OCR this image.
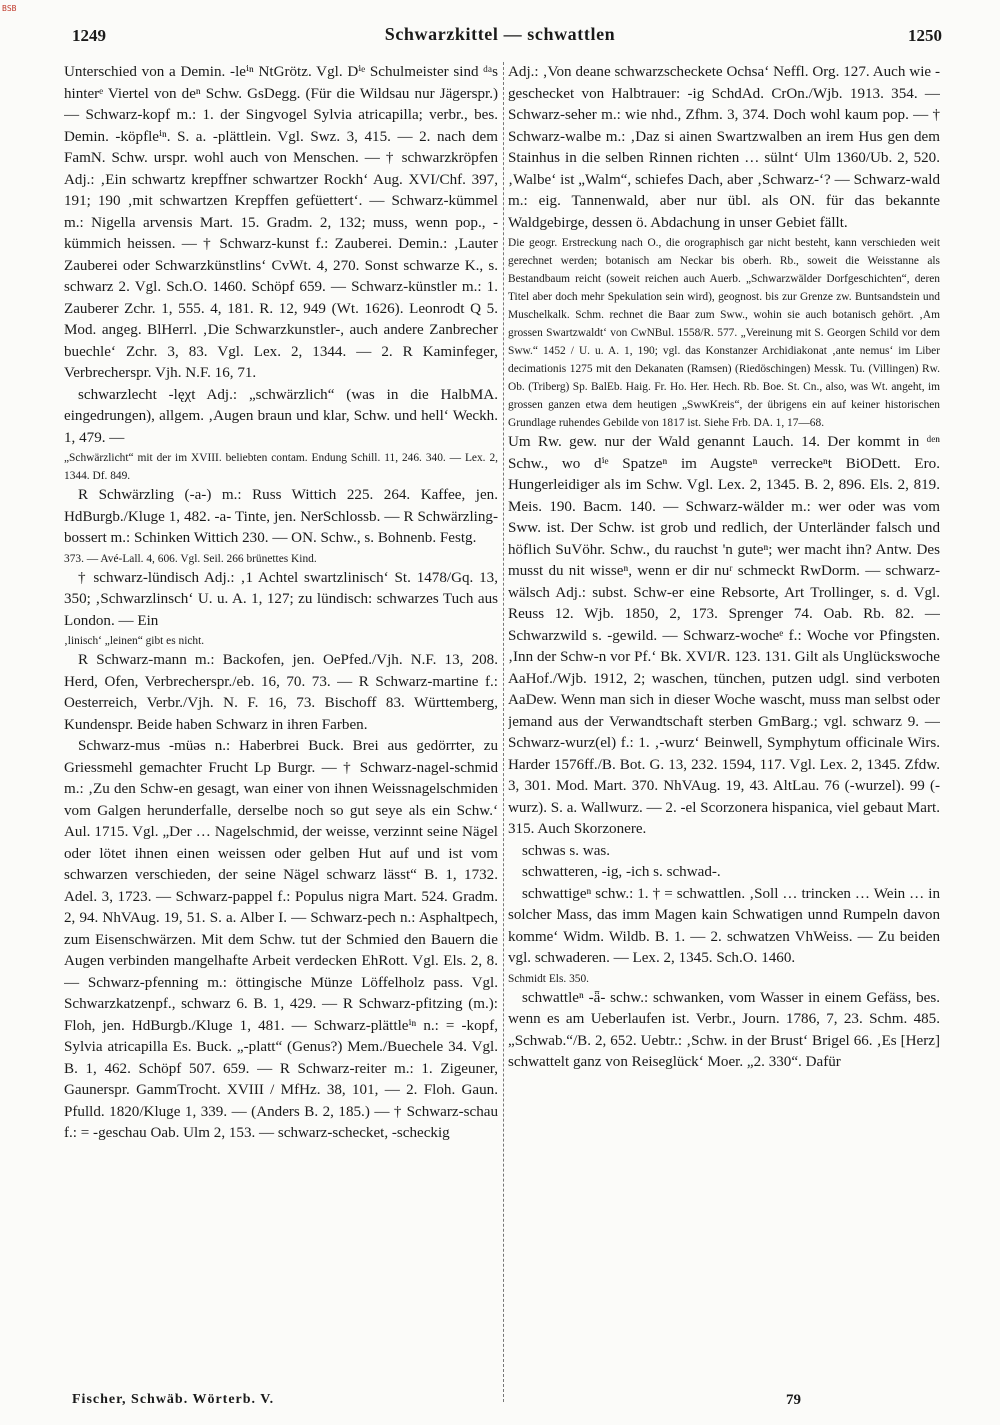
BSB
1249	Schwarzkittel — schwattlen	1250

Unterschied von a Demin. -leⁱⁿ NtGrötz. Vgl. Dⁱᵉ Schulmeister sind ᵈᵃs hinterᵉ Viertel von deⁿ Schw. GsDegg. (Für die Wildsau nur Jägerspr.) — Schwarz-kopf m.: 1. der Singvogel Sylvia atricapilla; verbr., bes. Demin. -köpfleⁱⁿ. S. a. -plättlein. Vgl. Swz. 3, 415. — 2. nach dem FamN. Schw. urspr. wohl auch von Menschen. — † schwarzkröpfen Adj.: ‚Ein schwartz krepffner schwartzer Rockh‘ Aug. XVI/Chf. 397, 191; 190 ‚mit schwartzen Krepffen gefüettert‘. — Schwarz-kümmel m.: Nigella arvensis Mart. 15. Gradm. 2, 132; muss, wenn pop., -kümmich heissen. — † Schwarz-kunst f.: Zauberei. Demin.: ‚Lauter Zauberei oder Schwarzkünstlins‘ CvWt. 4, 270. Sonst schwarze K., s. schwarz 2. Vgl. Sch.O. 1460. Schöpf 659. — Schwarz-künstler m.: 1. Zauberer Zchr. 1, 555. 4, 181. R. 12, 949 (Wt. 1626). Leonrodt Q 5. Mod. angeg. BlHerrl. ‚Die Schwarzkunstler-, auch andere Zanbrecher buechle‘ Zchr. 3, 83. Vgl. Lex. 2, 1344. — 2. R Kaminfeger, Verbrecherspr. Vjh. N.F. 16, 71.

schwarzlecht -lęχt Adj.: „schwärzlich“ (was in die HalbMA. eingedrungen), allgem. ‚Augen braun und klar, Schw. und hell‘ Weckh. 1, 479. —

„Schwärzlicht“ mit der im XVIII. beliebten contam. Endung Schill. 11, 246. 340. — Lex. 2, 1344. Df. 849.

R Schwärzling (-a-) m.: Russ Wittich 225. 264. Kaffee, jen. HdBurgb./Kluge 1, 482. -a- Tinte, jen. NerSchlossb. — R Schwärzling-bossert m.: Schinken Wittich 230. — ON. Schw., s. Bohnenb. Festg.

373. — Avé-Lall. 4, 606. Vgl. Seil. 266 brünettes Kind.

† schwarz-lündisch Adj.: ‚1 Achtel swartzlinisch‘ St. 1478/Gq. 13, 350; ‚Schwarzlinsch‘ U. u. A. 1, 127; zu lündisch: schwarzes Tuch aus London. — Ein

‚linisch‘ „leinen“ gibt es nicht.

R Schwarz-mann m.: Backofen, jen. OePfed./Vjh. N.F. 13, 208. Herd, Ofen, Verbrecherspr./eb. 16, 70. 73. — R Schwarz-martine f.: Oesterreich, Verbr./Vjh. N. F. 16, 73. Bischoff 83. Württemberg, Kundenspr. Beide haben Schwarz in ihren Farben.

Schwarz-mus -müəs n.: Haberbrei Buck. Brei aus gedörrter, zu Griessmehl gemachter Frucht Lp Burgr. — † Schwarz-nagel-schmid m.: ‚Zu den Schw-en gesagt, wan einer von ihnen Weissnagelschmiden vom Galgen herunderfalle, derselbe noch so gut seye als ein Schw.‘ Aul. 1715. Vgl. „Der … Nagelschmid, der weisse, verzinnt seine Nägel oder lötet ihnen einen weissen oder gelben Hut auf und ist vom schwarzen verschieden, der seine Nägel schwarz lässt“ B. 1, 1732. Adel. 3, 1723. — Schwarz-pappel f.: Populus nigra Mart. 524. Gradm. 2, 94. NhVAug. 19, 51. S. a. Alber I. — Schwarz-pech n.: Asphaltpech, zum Eisenschwärzen. Mit dem Schw. tut der Schmied den Bauern die Augen verbinden mangelhafte Arbeit verdecken EhRott. Vgl. Els. 2, 8. — Schwarz-pfenning m.: öttingische Münze Löffelholz pass. Vgl. Schwarzkatzenpf., schwarz 6. B. 1, 429. — R Schwarz-pfitzing (m.): Floh, jen. HdBurgb./Kluge 1, 481. — Schwarz-plättleⁱⁿ n.: = -kopf, Sylvia atricapilla Es. Buck. „-platt“ (Genus?) Mem./Buechele 34. Vgl. B. 1, 462. Schöpf 507. 659. — R Schwarz-reiter m.: 1. Zigeuner, Gaunerspr. GammTrocht. XVIII / MfHz. 38, 101, — 2. Floh. Gaun. Pfulld. 1820/Kluge 1, 339. — (Anders B. 2, 185.) — † Schwarz-schau f.: = -geschau Oab. Ulm 2, 153. — schwarz-schecket, -scheckig

Adj.: ‚Von deane schwarzscheckete Ochsa‘ Neffl. Org. 127. Auch wie -geschecket von Halbtrauer: -ig SchdAd. CrOn./Wjb. 1913. 354. — Schwarz-seher m.: wie nhd., Zfhm. 3, 374. Doch wohl kaum pop. — † Schwarz-walbe m.: ‚Daz si ainen Swartzwalben an irem Hus gen dem Stainhus in die selben Rinnen richten … sülnt‘ Ulm 1360/Ub. 2, 520. ‚Walbe‘ ist „Walm“, schiefes Dach, aber ‚Schwarz-‘? — Schwarz-wald m.: eig. Tannenwald, aber nur übl. als ON. für das bekannte Waldgebirge, dessen ö. Abdachung in unser Gebiet fällt.

Die geogr. Erstreckung nach O., die orographisch gar nicht besteht, kann verschieden weit gerechnet werden; botanisch am Neckar bis oberh. Rb., soweit die Weisstanne als Bestandbaum reicht (soweit reichen auch Auerb. „Schwarzwälder Dorfgeschichten“, deren Titel aber doch mehr Spekulation sein wird), geognost. bis zur Grenze zw. Buntsandstein und Muschelkalk. Schm. rechnet die Baar zum Sww., wohin sie auch botanisch gehört. ‚Am grossen Swartzwaldt‘ von CwNBul. 1558/R. 577. „Vereinung mit S. Georgen Schild vor dem Sww.“ 1452 / U. u. A. 1, 190; vgl. das Konstanzer Archidiakonat ‚ante nemus‘ im Liber decimationis 1275 mit den Dekanaten (Ramsen) (Riedöschingen) Messk. Tu. (Villingen) Rw. Ob. (Triberg) Sp. BalEb. Haig. Fr. Ho. Her. Hech. Rb. Boe. St. Cn., also, was Wt. angeht, im grossen ganzen etwa dem heutigen „SwwKreis“, der übrigens ein auf keiner historischen Grundlage ruhendes Gebilde von 1817 ist. Siehe Frb. DA. 1, 17—68.

Um Rw. gew. nur der Wald genannt Lauch. 14. Der kommt in ᵈᵉⁿ Schw., wo dⁱᵉ Spatzeⁿ im Augsteⁿ verreckeⁿt BiODett. Ero. Hungerleidiger als im Schw. Vgl. Lex. 2, 1345. B. 2, 896. Els. 2, 819. Meis. 190. Bacm. 140. — Schwarz-wälder m.: wer oder was vom Sww. ist. Der Schw. ist grob und redlich, der Unterländer falsch und höflich SuVöhr. Schw., du rauchst 'n guteⁿ; wer macht ihn? Antw. Des musst du nit wisseⁿ, wenn er dir nuʳ schmeckt RwDorm. — schwarz-wälsch Adj.: subst. Schw-er eine Rebsorte, Art Trollinger, s. d. Vgl. Reuss 12. Wjb. 1850, 2, 173. Sprenger 74. Oab. Rb. 82. — Schwarzwild s. -gewild. — Schwarz-wocheᵉ f.: Woche vor Pfingsten. ‚Inn der Schw-n vor Pf.‘ Bk. XVI/R. 123. 131. Gilt als Unglückswoche AaHof./Wjb. 1912, 2; waschen, tünchen, putzen udgl. sind verboten AaDew. Wenn man sich in dieser Woche wascht, muss man selbst oder jemand aus der Verwandtschaft sterben GmBarg.; vgl. schwarz 9. — Schwarz-wurz(el) f.: 1. ‚-wurz‘ Beinwell, Symphytum officinale Wirs. Harder 1576ff./B. Bot. G. 13, 232. 1594, 117. Vgl. Lex. 2, 1345. Zfdw. 3, 301. Mod. Mart. 370. NhVAug. 19, 43. AltLau. 76 (-wurzel). 99 (-wurz). S. a. Wallwurz. — 2. -el Scorzonera hispanica, viel gebaut Mart. 315. Auch Skorzonere.

schwas s. was.

schwatteren, -ig, -ich s. schwad-.

schwattigeⁿ schw.: 1. † = schwattlen. ‚Soll … trincken … Wein … in solcher Mass, das imm Magen kain Schwatigen unnd Rumpeln davon komme‘ Widm. Wildb. B. 1. — 2. schwatzen VhWeiss. — Zu beiden vgl. schwaderen. — Lex. 2, 1345. Sch.O. 1460.

Schmidt Els. 350.

schwattleⁿ -ǟ- schw.: schwanken, vom Wasser in einem Gefäss, bes. wenn es am Ueberlaufen ist. Verbr., Journ. 1786, 7, 23. Schm. 485. „Schwab.“/B. 2, 652. Uebtr.: ‚Schw. in der Brust‘ Brigel 66. ‚Es [Herz] schwattelt ganz von Reiseglück‘ Moer. „2. 330“. Dafür

Fischer, Schwäb. Wörterb. V.	79
